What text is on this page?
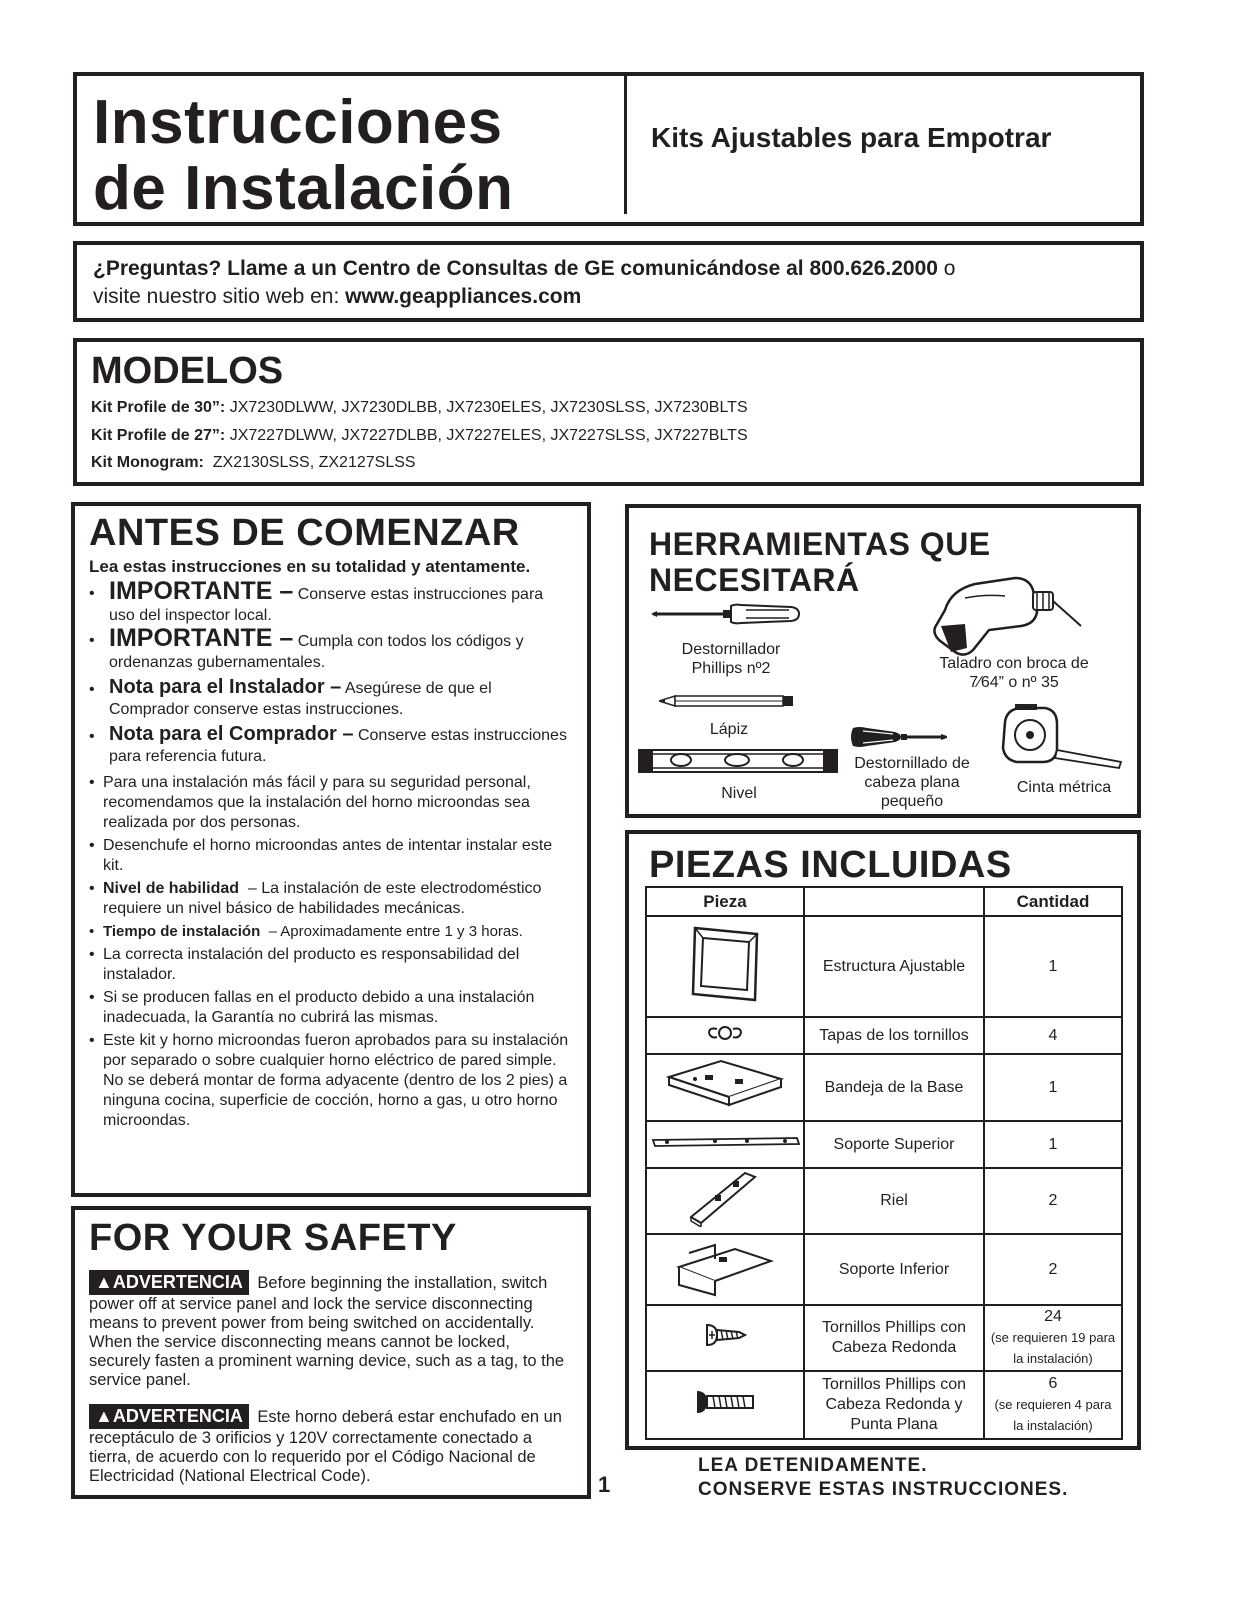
Instrucciones
de Instalación
Kits Ajustables para Empotrar
¿Preguntas? Llame a un Centro de Consultas de GE comunicándose al 800.626.2000 o
visite nuestro sitio web en: www.geappliances.com
MODELOS
Kit Profile de 30”: JX7230DLWW, JX7230DLBB, JX7230ELES, JX7230SLSS, JX7230BLTS
Kit Profile de 27”: JX7227DLWW, JX7227DLBB, JX7227ELES, JX7227SLSS, JX7227BLTS
Kit Monogram:  ZX2130SLSS, ZX2127SLSS
ANTES DE COMENZAR
Lea estas instrucciones en su totalidad y atentamente.
• IMPORTANTE – Conserve estas instrucciones para uso del inspector local.
• IMPORTANTE – Cumpla con todos los códigos y ordenanzas gubernamentales.
• Nota para el Instalador – Asegúrese de que el Comprador conserve estas instrucciones.
• Nota para el Comprador – Conserve estas instrucciones para referencia futura.
• Para una instalación más fácil y para su seguridad personal, recomendamos que la instalación del horno microondas sea realizada por dos personas.
• Desenchufe el horno microondas antes de intentar instalar este kit.
• Nivel de habilidad  – La instalación de este electrodoméstico requiere un nivel básico de habilidades mecánicas.
• Tiempo de instalación  – Aproximadamente entre 1 y 3 horas.
• La correcta instalación del producto es responsabilidad del instalador.
• Si se producen fallas en el producto debido a una instalación inadecuada, la Garantía no cubrirá las mismas.
• Este kit y horno microondas fueron aprobados para su instalación por separado o sobre cualquier horno eléctrico de pared simple. No se deberá montar de forma adyacente (dentro de los 2 pies) a ninguna cocina, superficie de cocción, horno a gas, u otro horno microondas.
FOR YOUR SAFETY
▲ADVERTENCIA Before beginning the installation, switch power off at service panel and lock the service disconnecting means to prevent power from being switched on accidentally. When the service disconnecting means cannot be locked, securely fasten a prominent warning device, such as a tag, to the service panel.
▲ADVERTENCIA Este horno deberá estar enchufado en un receptáculo de 3 orificios y 120V correctamente conectado a tierra, de acuerdo con lo requerido por el Código Nacional de Electricidad (National Electrical Code).	1
HERRAMIENTAS QUE
NECESITARÁ
Destornillador Phillips nº2	Taladro con broca de 7⁄64” o nº 35
Lápiz
Nivel
Destornillado de cabeza plana pequeño
Cinta métrica
PIEZAS INCLUIDAS
Pieza		Cantidad
	Estructura Ajustable	1

	Tapas de los tornillos	4

	Bandeja de la Base	1

	Soporte Superior	1

	Riel	2

	Soporte Inferior	2

	Tornillos Phillips con Cabeza Redonda	24
(se requieren 19 para la instalación)

	Tornillos Phillips con Cabeza Redonda y Punta Plana	6
(se requieren 4 para la instalación)
LEA DETENIDAMENTE.
CONSERVE ESTAS INSTRUCCIONES.
